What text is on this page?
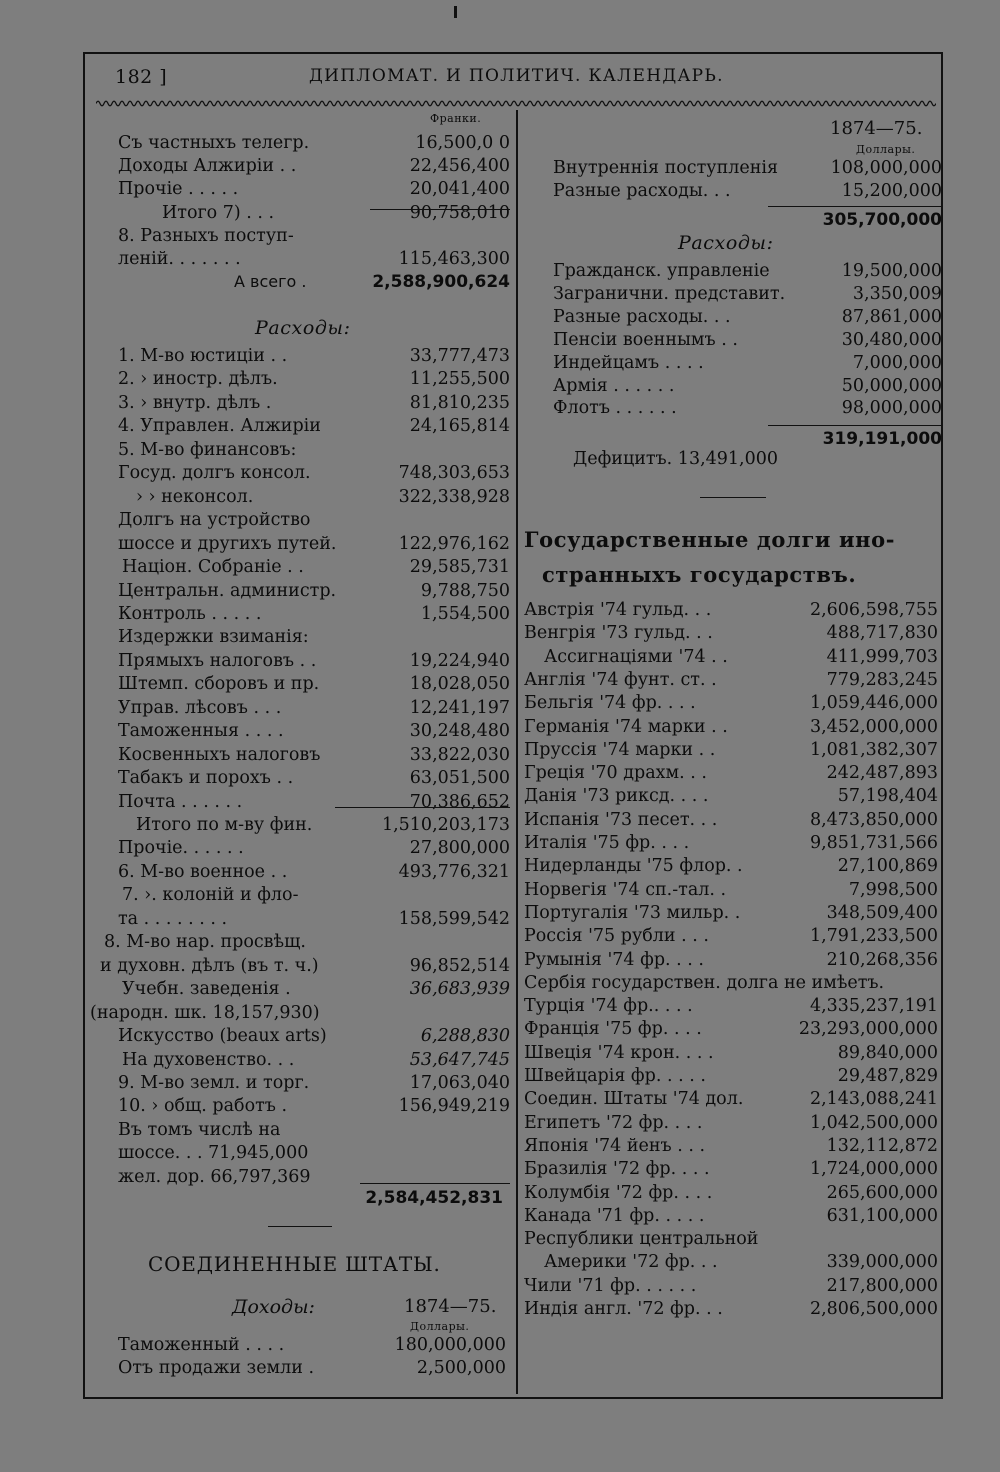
182 ]	ДИПЛОМАТ. И ПОЛИТИЧ. КАЛЕНДАРЬ.
Франки.
Съ частныхъ телегр.	16,500,0 0
Доходы Алжиріи . .	22,456,400
Прочіе . . . . .	20,041,400
Итого 7) . . .	90,758,010
8. Разныхъ поступ-
леній. . . . . . .	115,463,300
А всего .	2,588,900,624
Расходы:
1. М-во юстиціи . .	33,777,473
2. › иностр. дѣлъ.	11,255,500
3. › внутр. дѣлъ .	81,810,235
4. Управлен. Алжиріи	24,165,814
5. М-во финансовъ:
Госуд. долгъ консол.	748,303,653
› › неконсол.	322,338,928
Долгъ на устройство
шоссе и другихъ путей.	122,976,162
Націон. Собраніе . .	29,585,731
Центральн. администр.	9,788,750
Контроль . . . . .	1,554,500
Издержки взиманія:
Прямыхъ налоговъ . .	19,224,940
Штемп. сборовъ и пр.	18,028,050
Управ. лѣсовъ . . .	12,241,197
Таможенныя . . . .	30,248,480
Косвенныхъ налоговъ	33,822,030
Табакъ и порохъ . .	63,051,500
Почта . . . . . .	70,386,652
Итого по м-ву фин.	1,510,203,173
Прочіе. . . . . .	27,800,000
6. М-во военное . .	493,776,321
7. ›. колоній и фло-
та . . . . . . . .	158,599,542
8. М-во нар. просвѣщ.
и духовн. дѣлъ (въ т. ч.)	96,852,514
Учебн. заведенія .	36,683,939
(народн. шк. 18,157,930)
Искусство (beaux arts)	6,288,830
На духовенство. . .	53,647,745
9. М-во земл. и торг.	17,063,040
10. › общ. работъ .	156,949,219
Въ томъ числѣ на
шоссе. . . 71,945,000
жел. дор. 66,797,369
2,584,452,831
СОЕДИНЕННЫЕ ШТАТЫ.
Доходы:	1874—75.
Доллары.
Таможенный . . . .	180,000,000
Отъ продажи земли .	2,500,000
1874—75.
Доллары.
Внутреннія поступленія	108,000,000
Разные расходы. . .	15,200,000
305,700,000
Расходы:
Гражданск. управленіе	19,500,000
Загранични. представит.	3,350,009
Разные расходы. . .	87,861,000
Пенсіи военнымъ . .	30,480,000
Индейцамъ . . . .	7,000,000
Армія . . . . . .	50,000,000
Флотъ . . . . . .	98,000,000
319,191,000
Дефицитъ. 13,491,000
Государственные долги ино-
странныхъ государствъ.
Австрія '74 гульд. . .	2,606,598,755
Венгрія '73 гульд. . .	488,717,830
Ассигнаціями '74 . .	411,999,703
Англія '74 фунт. ст. .	779,283,245
Бельгія '74 фр. . . .	1,059,446,000
Германія '74 марки . .	3,452,000,000
Пруссія '74 марки . .	1,081,382,307
Греція '70 драхм. . .	242,487,893
Данія '73 риксд. . . .	57,198,404
Испанія '73 песет. . .	8,473,850,000
Италія '75 фр. . . .	9,851,731,566
Нидерланды '75 флор. .	27,100,869
Норвегія '74 сп.-тал. .	7,998,500
Португалія '73 мильр. .	348,509,400
Россія '75 рубли . . .	1,791,233,500
Румынія '74 фр. . . .	210,268,356
Сербія государствен. долга не имѣетъ.
Турція '74 фр.. . . .	4,335,237,191
Франція '75 фр. . . .	23,293,000,000
Швеція '74 крон. . . .	89,840,000
Швейцарія фр. . . . .	29,487,829
Соедин. Штаты '74 дол.	2,143,088,241
Египетъ '72 фр. . . .	1,042,500,000
Японія '74 йенъ . . .	132,112,872
Бразилія '72 фр. . . .	1,724,000,000
Колумбія '72 фр. . . .	265,600,000
Канада '71 фр. . . . .	631,100,000
Республики центральной
Америки '72 фр. . .	339,000,000
Чили '71 фр. . . . . .	217,800,000
Индія англ. '72 фр. . .	2,806,500,000
